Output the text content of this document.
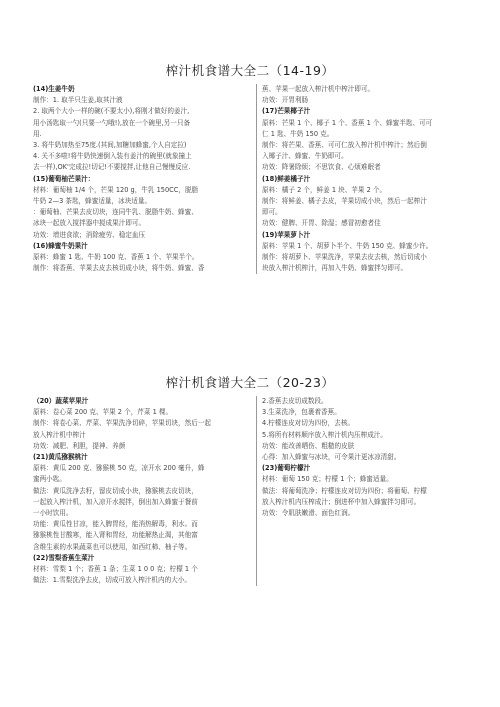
榨汁机食谱大全二（14-19）
(14)生姜牛奶
制作：1. 取半只生姜,取其汁液
2. 取两个大小一样的碗(不要太小),将刚才做好的姜汁,
用小汤匙取一勺(只要一勺哦!),放在一个碗里,另一只备
用.
3. 将牛奶加热至75度.(其间,加糖加蜂蜜,个人自定拉)
4. 关不多啦!将牛奶快速倒入装有姜汁的碗里(就象撞上
去一样),OK'完成拉!切记!不要搅拌,让他自己慢慢反应.
(15)葡萄柚芒果汁：
材料：葡萄柚 1/4 个，芒果 120 g，牛乳 150CC，脱脂
牛奶 2—3 茶匙，蜂蜜适量，冰块适量。
：葡萄柚、芒果去皮切块，连同牛乳、脱脂牛奶、蜂蜜、
冰块一起放入搅拌器中搅成果汁即可。
功效：增进食欲；消除疲劳、稳定血压
(16)蜂蜜牛奶果汁
原料：蜂蜜 1 匙、牛奶 100 克、香蕉 1 个、苹果半个。
制作：将香蕉、苹果去皮去核切成小块，将牛奶、蜂蜜、香
蕉、苹果一起放入榨汁机中榨汁即可。
功效：开胃利肠
(17)芒果椰子汁
原料：芒果 1 个、椰子 1 个、香蕉 1 个、蜂蜜半匙、可可
仁 1 匙、牛奶 150 克。
制作：将芒果、香蕉、可可仁放入榨汁机中榨汁；然后倒
入椰子汁、蜂蜜、牛奶即可。
功效：降暑除烦；不思饮食、心烦难眠者
(18)鲜姜橘子汁
原料：橘子 2 个，鲜姜 1 块、苹果 2 个。
制作：将鲜姜、橘子去皮，苹果切成小块，然后一起榨汁
即可。
功效：健脾、开胃、除湿；感冒初愈者佳
(19)苹果萝卜汁
原料：苹果 1 个、胡萝卜半个、牛奶 150 克、蜂蜜少许。
制作：将胡萝卜、苹果洗净，苹果去皮去核，然后切成小
块放入榨汁机榨汁，再加入牛奶、蜂蜜拌匀即可。
榨汁机食谱大全二（20-23）
（20）蔬菜苹果汁
原料：卷心菜 200 克、苹果 2 个，芹菜 1 棵。
制作：将卷心菜、芹菜、苹果洗净切碎，苹果切块，然后一起
放入榨汁机中榨汁
功效：减肥、利胆，提神、养颜
(21)黄瓜猕猴桃汁
原料：黄瓜 200 克、猕猴桃 50 克，凉开水 200 毫升，蜂
蜜两小匙。
做法：黄瓜洗净去籽，留皮切成小块，猕猴桃去皮切块，
一起放入榨汁机，加入凉开水搅拌，倒出加入蜂蜜于餐前
一小时饮用。
功能：黄瓜性甘凉，能入脾胃经，能消热解毒，利水。而
猕猴桃性甘酸寒，能入肾和胃经，功能解热止渴，其他富
含维生素的水果蔬菜也可以使用，如西红柿、柚子等。
(22)雪梨香蕉生菜汁
材料：雪梨 1 个；香蕉 1 条；生菜 1 0 0 克；柠檬 1 个
做法：1.雪梨洗净去皮，切成可放入榨汁机内的大小。
2.香蕉去皮切成数段。
3.生菜洗净，包裹着香蕉。
4.柠檬连皮对切为四份，去核。
5.将所有材料顺序放入榨汁机内压榨成汁。
功效：能改善晒伤、粗糙的皮肤
心得：加入蜂蜜与冰块，可令果汁更冰凉清甜。
(23)葡萄柠檬汁
材料：葡萄 150 克；柠檬 1 个；蜂蜜适量。
做法：将葡萄洗净；柠檬连皮对切为四份；将葡萄、柠檬
放入榨汁机内压榨成汁；倒进杯中加入蜂蜜拌匀即可。
功效：令肌肤嫩滑、面色红润。
